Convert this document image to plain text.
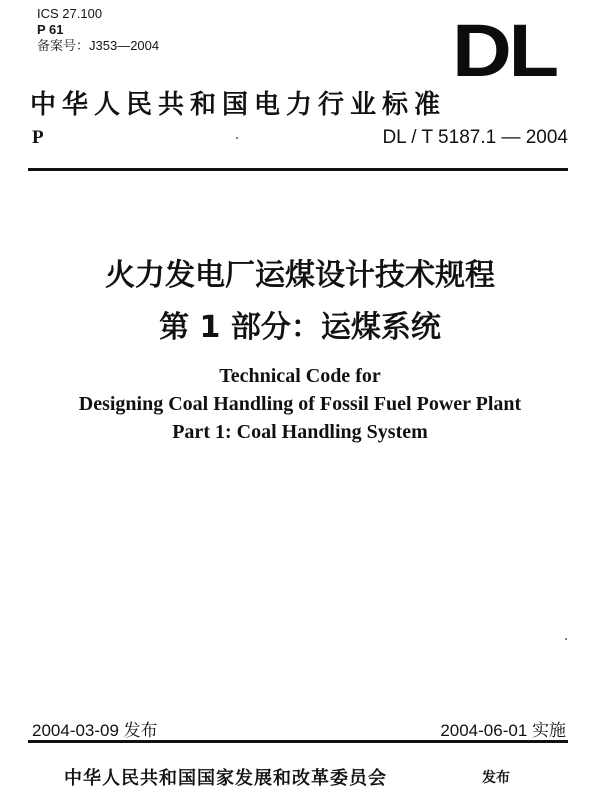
ICS 27.100
P 61
备案号：J353—2004	DL
中华人民共和国电力行业标准
P	DL / T 5187.1 — 2004
火力发电厂运煤设计技术规程
第 1 部分：运煤系统
Technical Code for
Designing Coal Handling of Fossil Fuel Power Plant
Part 1: Coal Handling System
2004-03-09 发布	2004-06-01 实施
中华人民共和国国家发展和改革委员会	发布
